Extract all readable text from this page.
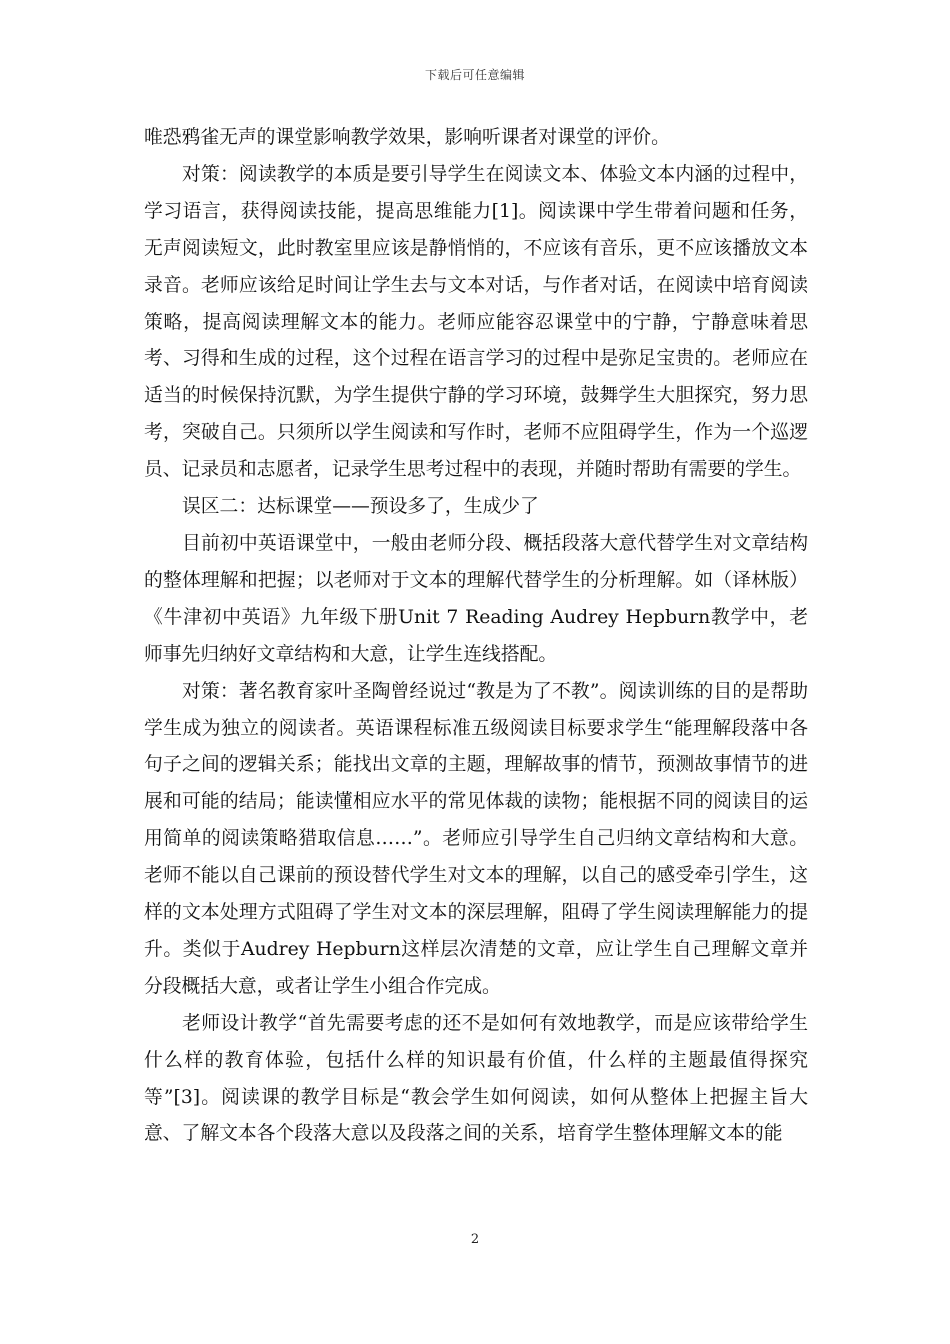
下载后可任意编辑

唯恐鸦雀无声的课堂影响教学效果，影响听课者对课堂的评价。

对策：阅读教学的本质是要引导学生在阅读文本、体验文本内涵的过程中，学习语言，获得阅读技能，提高思维能力[1]。阅读课中学生带着问题和任务，无声阅读短文，此时教室里应该是静悄悄的，不应该有音乐，更不应该播放文本录音。老师应该给足时间让学生去与文本对话，与作者对话，在阅读中培育阅读策略，提高阅读理解文本的能力。老师应能容忍课堂中的宁静，宁静意味着思考、习得和生成的过程，这个过程在语言学习的过程中是弥足宝贵的。老师应在适当的时候保持沉默，为学生提供宁静的学习环境，鼓舞学生大胆探究，努力思考，突破自己。只须所以学生阅读和写作时，老师不应阻碍学生，作为一个巡逻员、记录员和志愿者，记录学生思考过程中的表现，并随时帮助有需要的学生。

误区二：达标课堂——预设多了，生成少了

目前初中英语课堂中，一般由老师分段、概括段落大意代替学生对文章结构的整体理解和把握；以老师对于文本的理解代替学生的分析理解。如（译林版）《牛津初中英语》九年级下册Unit 7 Reading Audrey Hepburn教学中，老师事先归纳好文章结构和大意，让学生连线搭配。

对策：著名教育家叶圣陶曾经说过“教是为了不教”。阅读训练的目的是帮助学生成为独立的阅读者。英语课程标准五级阅读目标要求学生“能理解段落中各句子之间的逻辑关系；能找出文章的主题，理解故事的情节，预测故事情节的进展和可能的结局；能读懂相应水平的常见体裁的读物；能根据不同的阅读目的运用简单的阅读策略猎取信息……”。老师应引导学生自己归纳文章结构和大意。老师不能以自己课前的预设替代学生对文本的理解，以自己的感受牵引学生，这样的文本处理方式阻碍了学生对文本的深层理解，阻碍了学生阅读理解能力的提升。类似于Audrey Hepburn这样层次清楚的文章，应让学生自己理解文章并分段概括大意，或者让学生小组合作完成。

老师设计教学“首先需要考虑的还不是如何有效地教学，而是应该带给学生什么样的教育体验，包括什么样的知识最有价值，什么样的主题最值得探究等”[3]。阅读课的教学目标是“教会学生如何阅读，如何从整体上把握主旨大意、了解文本各个段落大意以及段落之间的关系，培育学生整体理解文本的能

2
